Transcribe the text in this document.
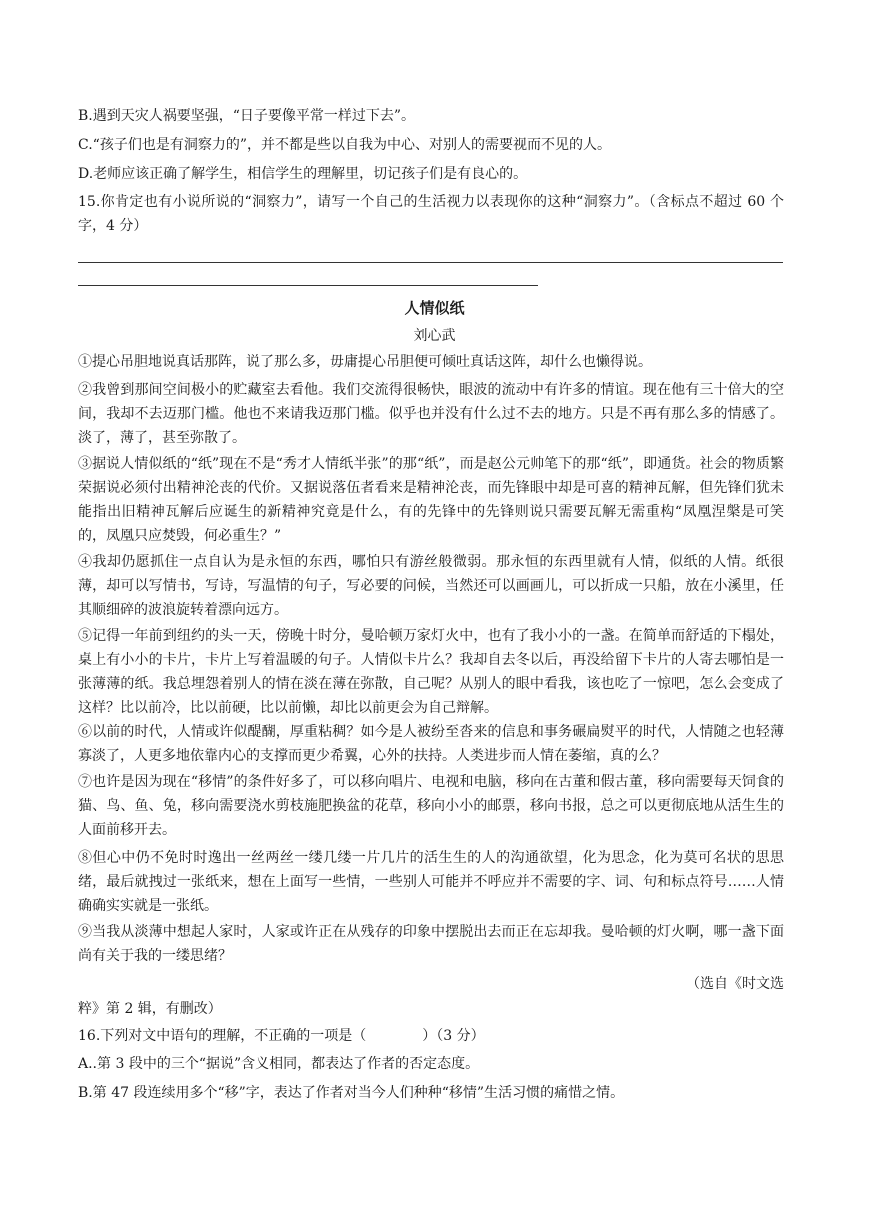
B.遇到天灾人祸要坚强，“日子要像平常一样过下去”。

C.“孩子们也是有洞察力的”，并不都是些以自我为中心、对别人的需要视而不见的人。

D.老师应该正确了解学生，相信学生的理解里，切记孩子们是有良心的。

15.你肯定也有小说所说的“洞察力”，请写一个自己的生活视力以表现你的这种“洞察力”。（含标点不超过 60 个字，4 分）

人情似纸
刘心武

①提心吊胆地说真话那阵，说了那么多，毋庸提心吊胆便可倾吐真话这阵，却什么也懒得说。

②我曾到那间空间极小的贮藏室去看他。我们交流得很畅快，眼波的流动中有许多的情谊。现在他有三十倍大的空间，我却不去迈那门槛。他也不来请我迈那门槛。似乎也并没有什么过不去的地方。只是不再有那么多的情感了。淡了，薄了，甚至弥散了。

③据说人情似纸的“纸”现在不是“秀才人情纸半张”的那“纸”，而是赵公元帅笔下的那“纸”，即通货。社会的物质繁荣据说必须付出精神沦丧的代价。又据说落伍者看来是精神沦丧，而先锋眼中却是可喜的精神瓦解，但先锋们犹未能指出旧精神瓦解后应诞生的新精神究竟是什么，有的先锋中的先锋则说只需要瓦解无需重构“凤凰涅槃是可笑的，凤凰只应焚毁，何必重生？”

④我却仍愿抓住一点自认为是永恒的东西，哪怕只有游丝般微弱。那永恒的东西里就有人情，似纸的人情。纸很薄，却可以写情书，写诗，写温情的句子，写必要的问候，当然还可以画画儿，可以折成一只船，放在小溪里，任其顺细碎的波浪旋转着漂向远方。

⑤记得一年前到纽约的头一天，傍晚十时分，曼哈顿万家灯火中，也有了我小小的一盏。在简单而舒适的下榻处，桌上有小小的卡片，卡片上写着温暖的句子。人情似卡片么？我却自去冬以后，再没给留下卡片的人寄去哪怕是一张薄薄的纸。我总埋怨着别人的情在淡在薄在弥散，自己呢？从别人的眼中看我，该也吃了一惊吧，怎么会变成了这样？比以前冷，比以前硬，比以前懒，却比以前更会为自己辩解。

⑥以前的时代，人情或许似醍醐，厚重粘稠？如今是人被纷至沓来的信息和事务碾扁熨平的时代，人情随之也轻薄寡淡了，人更多地依靠内心的支撑而更少希翼，心外的扶持。人类进步而人情在萎缩，真的么？

⑦也许是因为现在“移情”的条件好多了，可以移向唱片、电视和电脑，移向在古董和假古董，移向需要每天饲食的猫、鸟、鱼、兔，移向需要浇水剪枝施肥换盆的花草，移向小小的邮票，移向书报，总之可以更彻底地从活生生的人面前移开去。

⑧但心中仍不免时时逸出一丝两丝一缕几缕一片几片的活生生的人的沟通欲望，化为思念，化为莫可名状的思思绪，最后就拽过一张纸来，想在上面写一些情，一些别人可能并不呼应并不需要的字、词、句和标点符号……人情确确实实就是一张纸。

⑨当我从淡薄中想起人家时，人家或许正在从残存的印象中摆脱出去而正在忘却我。曼哈顿的灯火啊，哪一盏下面尚有关于我的一缕思绪？

（选自《时文选

粹》第 2 辑，有删改）

16.下列对文中语句的理解，不正确的一项是（　　　　）（3 分）

A..第 3 段中的三个“据说”含义相同，都表达了作者的否定态度。

B.第 47 段连续用多个“移”字，表达了作者对当今人们种种“移情”生活习惯的痛惜之情。
